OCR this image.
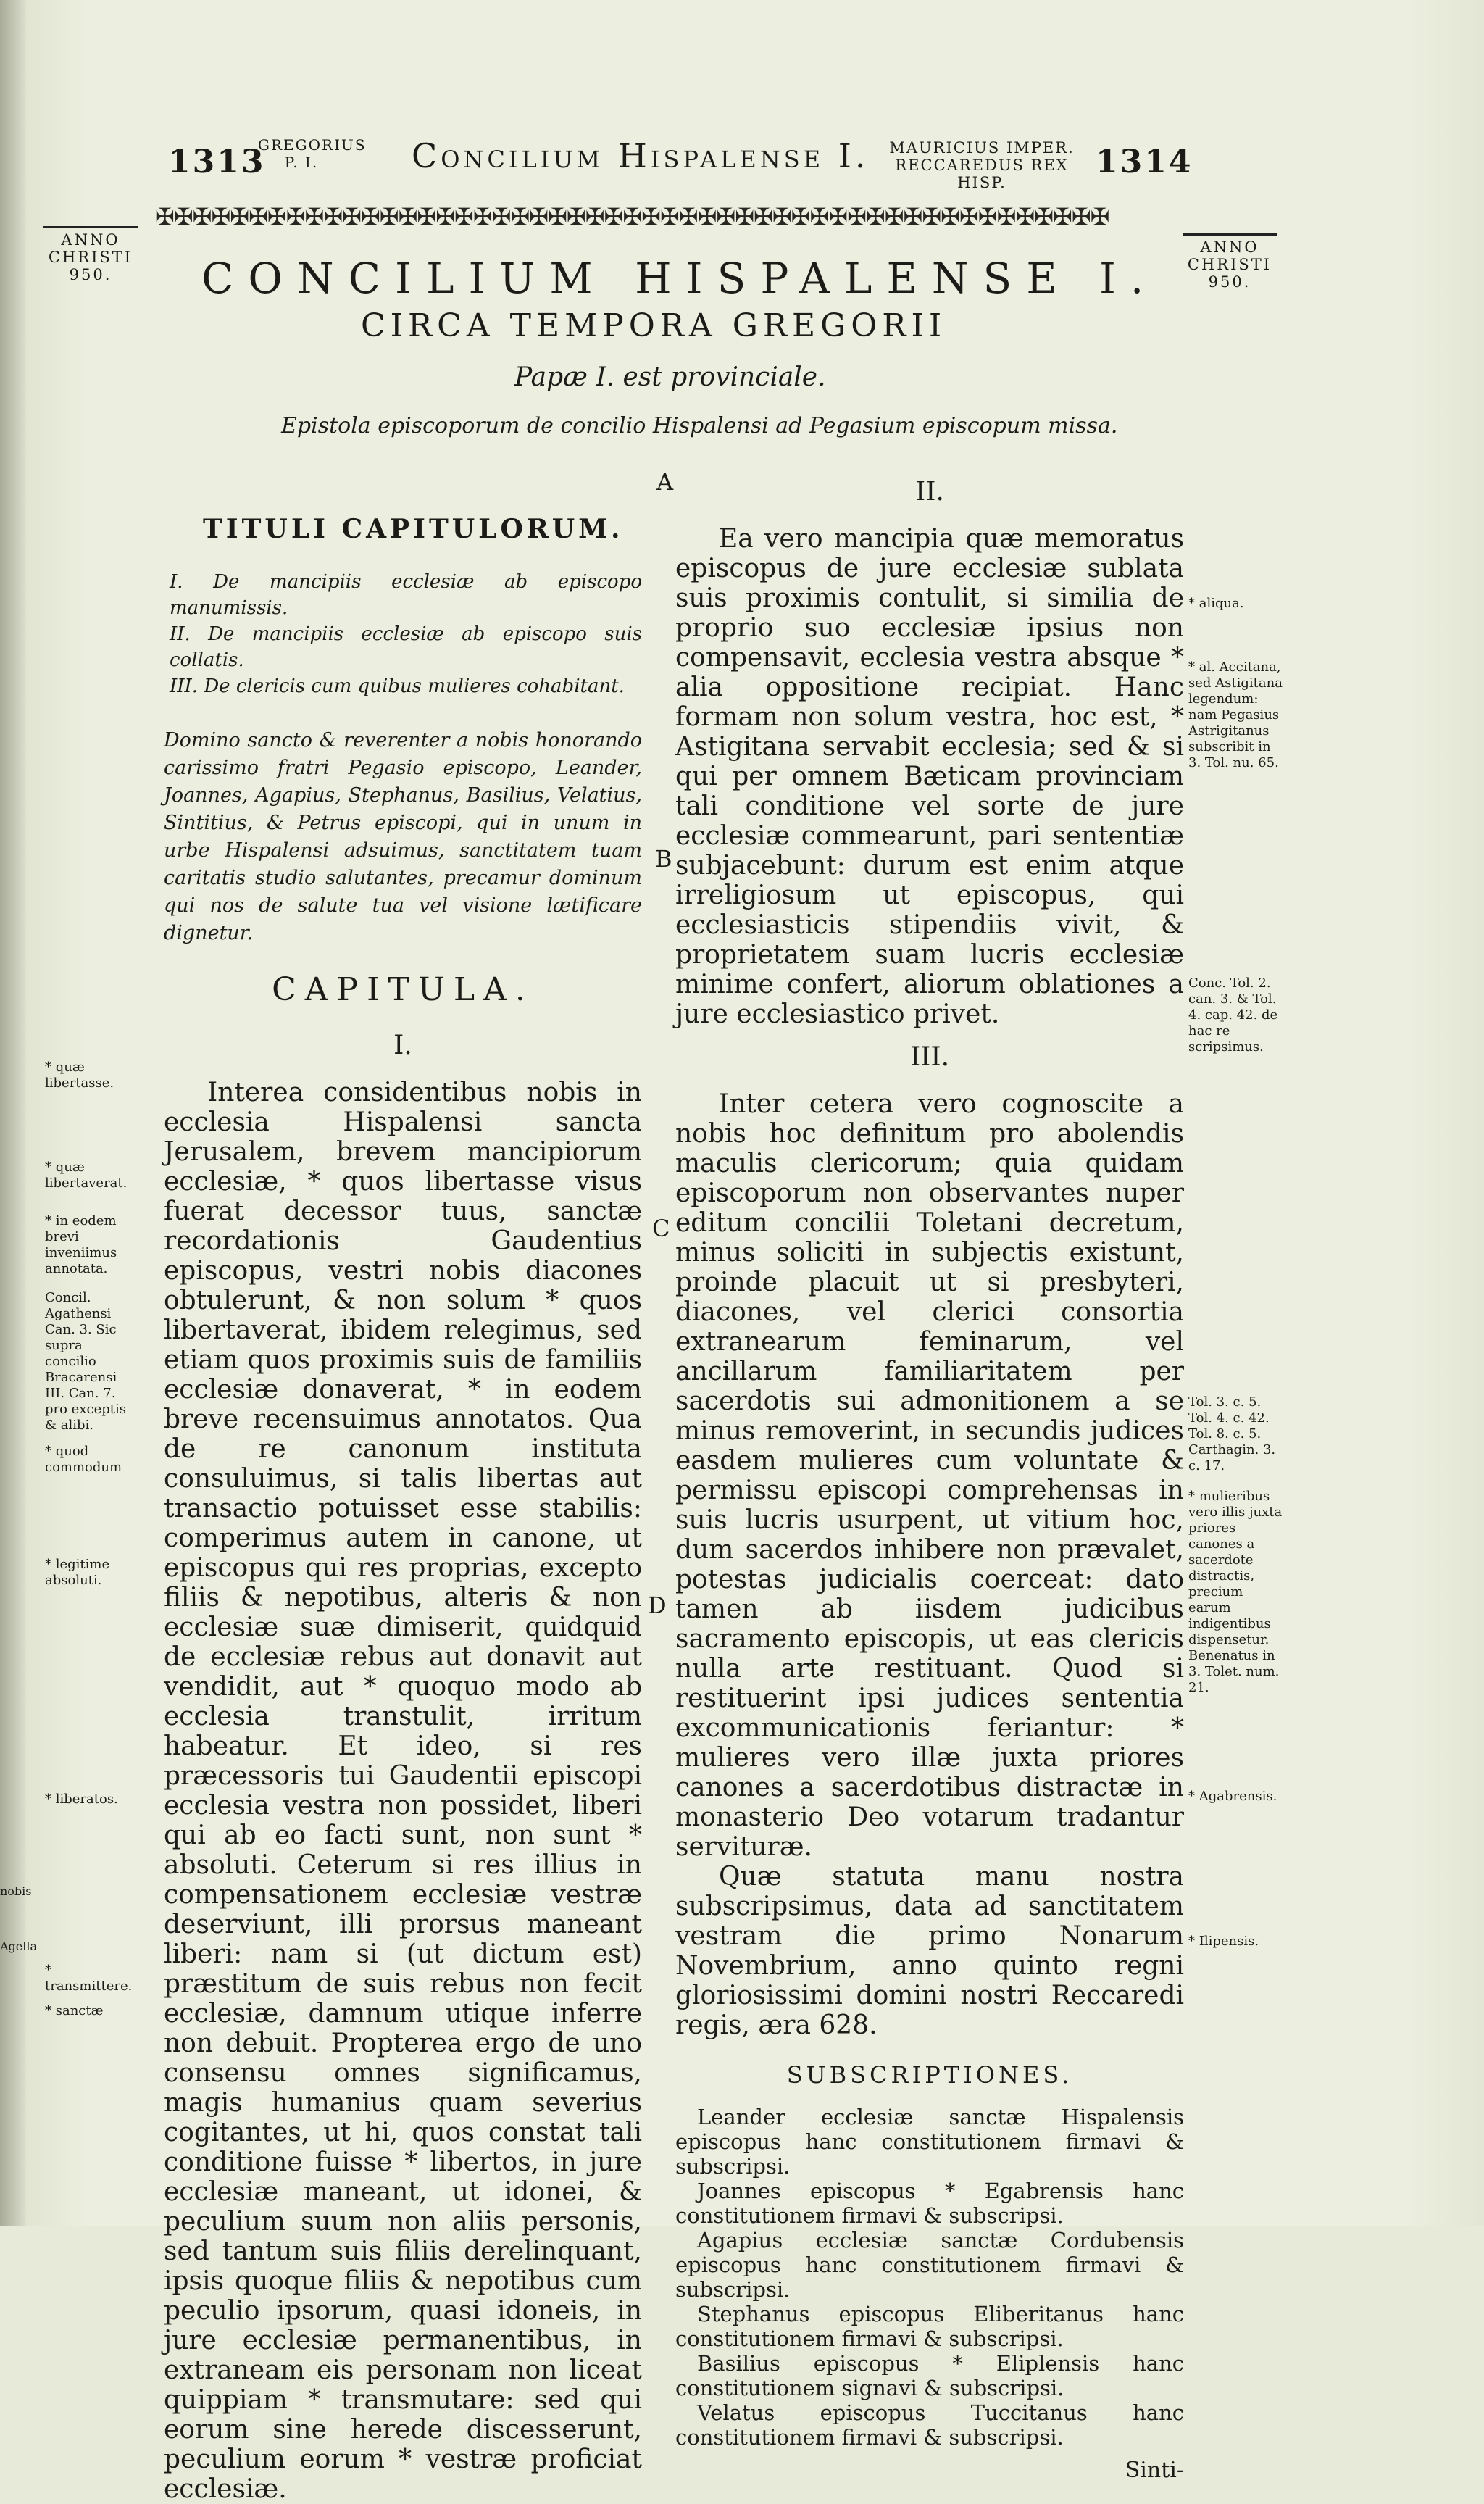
1313
GREGORIUS
P. I.	Concilium Hispalense I.	MAURICIUS IMPER.
RECCAREDUS REX HISP.
1314
✠✠✠✠✠✠✠✠✠✠✠✠✠✠✠✠✠✠✠✠✠✠✠✠✠✠✠✠✠✠✠✠✠✠✠✠✠✠✠✠✠✠✠✠✠✠✠✠✠✠✠
ANNO
CHRISTI
950.
ANNO
CHRISTI
950.
CONCILIUM HISPALENSE I.
CIRCA TEMPORA GREGORII
Papæ I. est provinciale.
Epistola episcoporum de concilio Hispalensi ad Pegasium episcopum missa.
TITULI CAPITULORUM.
I. De mancipiis ecclesiæ ab episcopo manumissis.
II. De mancipiis ecclesiæ ab episcopo suis collatis.
III. De clericis cum quibus mulieres cohabitant.

Domino sancto & reverenter a nobis honorando carissimo fratri Pegasio episcopo, Leander, Joannes, Agapius, Stephanus, Basilius, Velatius, Sintitius, & Petrus episcopi, qui in unum in urbe Hispalensi adsuimus, sanctitatem tuam caritatis studio salutantes, precamur dominum qui nos de salute tua vel visione lætificare dignetur.

CAPITULA.
I.

Interea considentibus nobis in ecclesia Hispalensi sancta Jerusalem, brevem mancipiorum ecclesiæ, * quos libertasse visus fuerat decessor tuus, sanctæ recordationis Gaudentius episcopus, vestri nobis diacones obtulerunt, & non solum * quos libertaverat, ibidem relegimus, sed etiam quos proximis suis de familiis ecclesiæ donaverat, * in eodem breve recensuimus annotatos. Qua de re canonum instituta consuluimus, si talis libertas aut transactio potuisset esse stabilis: comperimus autem in canone, ut episcopus qui res proprias, excepto filiis & nepotibus, alteris & non ecclesiæ suæ dimiserit, quidquid de ecclesiæ rebus aut donavit aut vendidit, aut * quoquo modo ab ecclesia transtulit, irritum habeatur. Et ideo, si res præcessoris tui Gaudentii episcopi ecclesia vestra non possidet, liberi qui ab eo facti sunt, non sunt * absoluti. Ceterum si res illius in compensationem ecclesiæ vestræ deserviunt, illi prorsus maneant liberi: nam si (ut dictum est) præstitum de suis rebus non fecit ecclesiæ, damnum utique inferre non debuit. Propterea ergo de uno consensu omnes significamus, magis humanius quam severius cogitantes, ut hi, quos constat tali conditione fuisse * libertos, in jure ecclesiæ maneant, ut idonei, & peculium suum non aliis personis, sed tantum suis filiis derelinquant, ipsis quoque filiis & nepotibus cum peculio ipsorum, quasi idoneis, in jure ecclesiæ permanentibus, in extraneam eis personam non liceat quippiam * transmutare: sed qui eorum sine herede discesserunt, peculium eorum * vestræ proficiat ecclesiæ.

II.

Ea vero mancipia quæ memoratus episcopus de jure ecclesiæ sublata suis proximis contulit, si similia de proprio suo ecclesiæ ipsius non compensavit, ecclesia vestra absque * alia oppositione recipiat. Hanc formam non solum vestra, hoc est, * Astigitana servabit ecclesia; sed & si qui per omnem Bæticam provinciam tali conditione vel sorte de jure ecclesiæ commearunt, pari sententiæ subjacebunt: durum est enim atque irreligiosum ut episcopus, qui ecclesiasticis stipendiis vivit, & proprietatem suam lucris ecclesiæ minime confert, aliorum oblationes a jure ecclesiastico privet.

III.

Inter cetera vero cognoscite a nobis hoc definitum pro abolendis maculis clericorum; quia quidam episcoporum non observantes nuper editum concilii Toletani decretum, minus soliciti in subjectis existunt, proinde placuit ut si presbyteri, diacones, vel clerici consortia extranearum feminarum, vel ancillarum familiaritatem per sacerdotis sui admonitionem a se minus removerint, in secundis judices easdem mulieres cum voluntate & permissu episcopi comprehensas in suis lucris usurpent, ut vitium hoc, dum sacerdos inhibere non prævalet, potestas judicialis coerceat: dato tamen ab iisdem judicibus sacramento episcopis, ut eas clericis nulla arte restituant. Quod si restituerint ipsi judices sententia excommunicationis feriantur: * mulieres vero illæ juxta priores canones a sacerdotibus distractæ in monasterio Deo votarum tradantur servituræ.

Quæ statuta manu nostra subscripsimus, data ad sanctitatem vestram die primo Nonarum Novembrium, anno quinto regni gloriosissimi domini nostri Reccaredi regis, æra 628.

SUBSCRIPTIONES.

Leander ecclesiæ sanctæ Hispalensis episcopus hanc constitutionem firmavi & subscripsi.

Joannes episcopus * Egabrensis hanc constitutionem firmavi & subscripsi.

Agapius ecclesiæ sanctæ Cordubensis episcopus hanc constitutionem firmavi & subscripsi.

Stephanus episcopus Eliberitanus hanc constitutionem firmavi & subscripsi.

Basilius episcopus * Eliplensis hanc constitutionem signavi & subscripsi.

Velatus episcopus Tuccitanus hanc constitutionem firmavi & subscripsi.

Sinti-
A
B
C
D
* quæ libertasse.
* quæ libertaverat.
* in eodem brevi inveniimus annotata.
Concil. Agathensi Can. 3. Sic supra concilio Bracarensi III. Can. 7. pro exceptis & alibi.
* quod commodum
* legitime absoluti.
* liberatos.
* transmittere.
* sanctæ
* aliqua.
* al. Accitana, sed Astigitana legendum: nam Pegasius Astrigitanus subscribit in 3. Tol. nu. 65.
Conc. Tol. 2. can. 3. & Tol. 4. cap. 42. de hac re scripsimus.
Tol. 3. c. 5. Tol. 4. c. 42. Tol. 8. c. 5. Carthagin. 3. c. 17.
* mulieribus vero illis juxta priores canones a sacerdote distractis, precium earum indigentibus dispensetur. Benenatus in 3. Tolet. num. 21.
* Agabrensis.
* Ilipensis.
nobis
Agella
